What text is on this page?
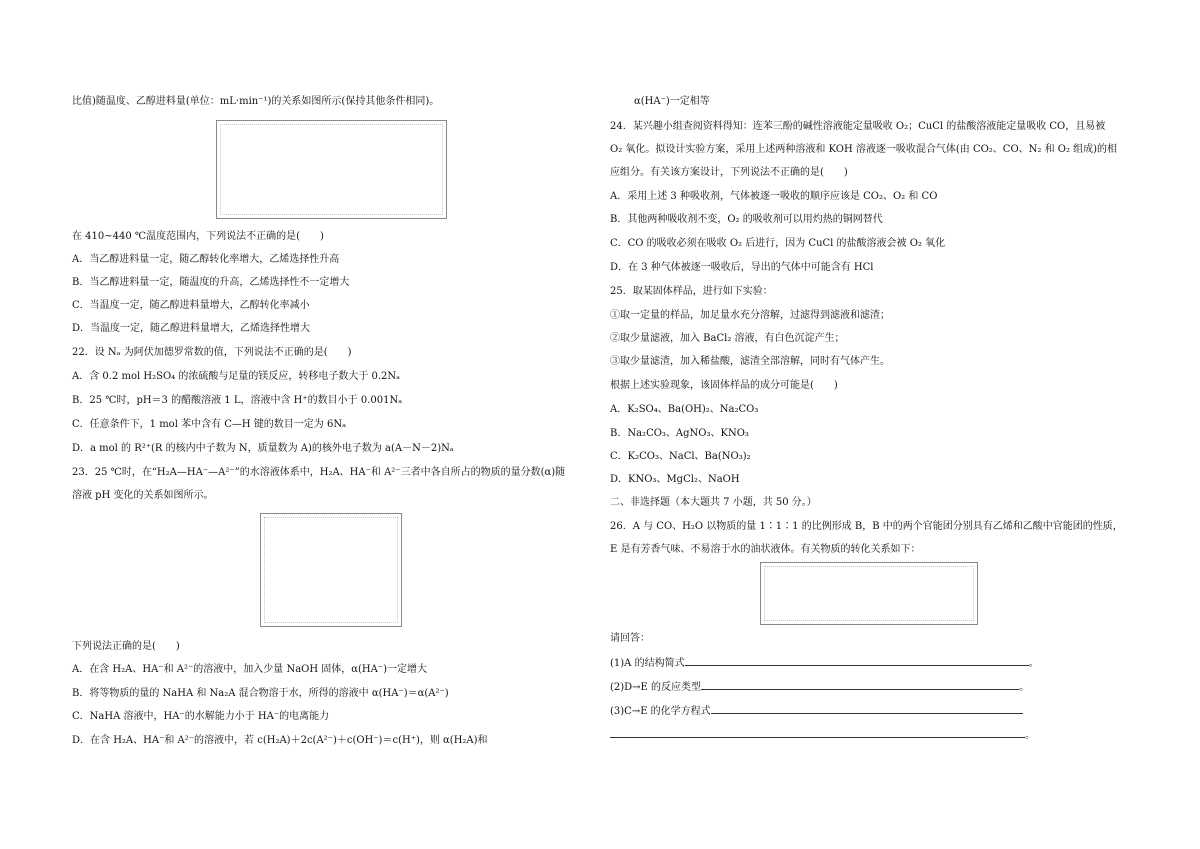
比值)随温度、乙醇进料量(单位：mL·min⁻¹)的关系如图所示(保持其他条件相同)。
在 410~440 ℃温度范围内，下列说法不正确的是(　　)
A．当乙醇进料量一定，随乙醇转化率增大，乙烯选择性升高
B．当乙醇进料量一定，随温度的升高，乙烯选择性不一定增大
C．当温度一定，随乙醇进料量增大，乙醇转化率减小
D．当温度一定，随乙醇进料量增大，乙烯选择性增大
22．设 Nₐ 为阿伏加德罗常数的值，下列说法不正确的是(　　)
A．含 0.2 mol H₂SO₄ 的浓硫酸与足量的镁反应，转移电子数大于 0.2Nₐ
B．25 ℃时，pH＝3 的醋酸溶液 1 L，溶液中含 H⁺的数目小于 0.001Nₐ
C．任意条件下，1 mol 苯中含有 C—H 键的数目一定为 6Nₐ
D．a mol 的 R²⁺(R 的核内中子数为 N，质量数为 A)的核外电子数为 a(A－N－2)Nₐ
23．25 ℃时，在“H₂A—HA⁻—A²⁻”的水溶液体系中，H₂A、HA⁻和 A²⁻三者中各自所占的物质的量分数(α)随
溶液 pH 变化的关系如图所示。
下列说法正确的是(　　)
A．在含 H₂A、HA⁻和 A²⁻的溶液中，加入少量 NaOH 固体，α(HA⁻)一定增大
B．将等物质的量的 NaHA 和 Na₂A 混合物溶于水，所得的溶液中 α(HA⁻)＝α(A²⁻)
C．NaHA 溶液中，HA⁻的水解能力小于 HA⁻的电离能力
D．在含 H₂A、HA⁻和 A²⁻的溶液中，若 c(H₂A)＋2c(A²⁻)＋c(OH⁻)＝c(H⁺)，则 α(H₂A)和
α(HA⁻)一定相等
24．某兴趣小组查阅资料得知：连苯三酚的碱性溶液能定量吸收 O₂；CuCl 的盐酸溶液能定量吸收 CO，且易被
O₂ 氧化。拟设计实验方案，采用上述两种溶液和 KOH 溶液逐一吸收混合气体(由 CO₂、CO、N₂ 和 O₂ 组成)的相
应组分。有关该方案设计，下列说法不正确的是(　　)
A．采用上述 3 种吸收剂，气体被逐一吸收的顺序应该是 CO₂、O₂ 和 CO
B．其他两种吸收剂不变，O₂ 的吸收剂可以用灼热的铜网替代
C．CO 的吸收必须在吸收 O₂ 后进行，因为 CuCl 的盐酸溶液会被 O₂ 氧化
D．在 3 种气体被逐一吸收后，导出的气体中可能含有 HCl
25．取某固体样品，进行如下实验：
①取一定量的样品，加足量水充分溶解，过滤得到滤液和滤渣；
②取少量滤液，加入 BaCl₂ 溶液，有白色沉淀产生；
③取少量滤渣，加入稀盐酸，滤渣全部溶解，同时有气体产生。
根据上述实验现象，该固体样品的成分可能是(　　)
A．K₂SO₄、Ba(OH)₂、Na₂CO₃
B．Na₂CO₃、AgNO₃、KNO₃
C．K₂CO₃、NaCl、Ba(NO₃)₂
D．KNO₃、MgCl₂、NaOH
二、非选择题（本大题共 7 小题，共 50 分。）
26．A 与 CO、H₂O 以物质的量 1∶1∶1 的比例形成 B，B 中的两个官能团分别具有乙烯和乙酸中官能团的性质，
E 是有芳香气味、不易溶于水的油状液体。有关物质的转化关系如下：
请回答：
(1)A 的结构简式	。
(2)D→E 的反应类型	。
(3)C→E 的化学方程式
。
